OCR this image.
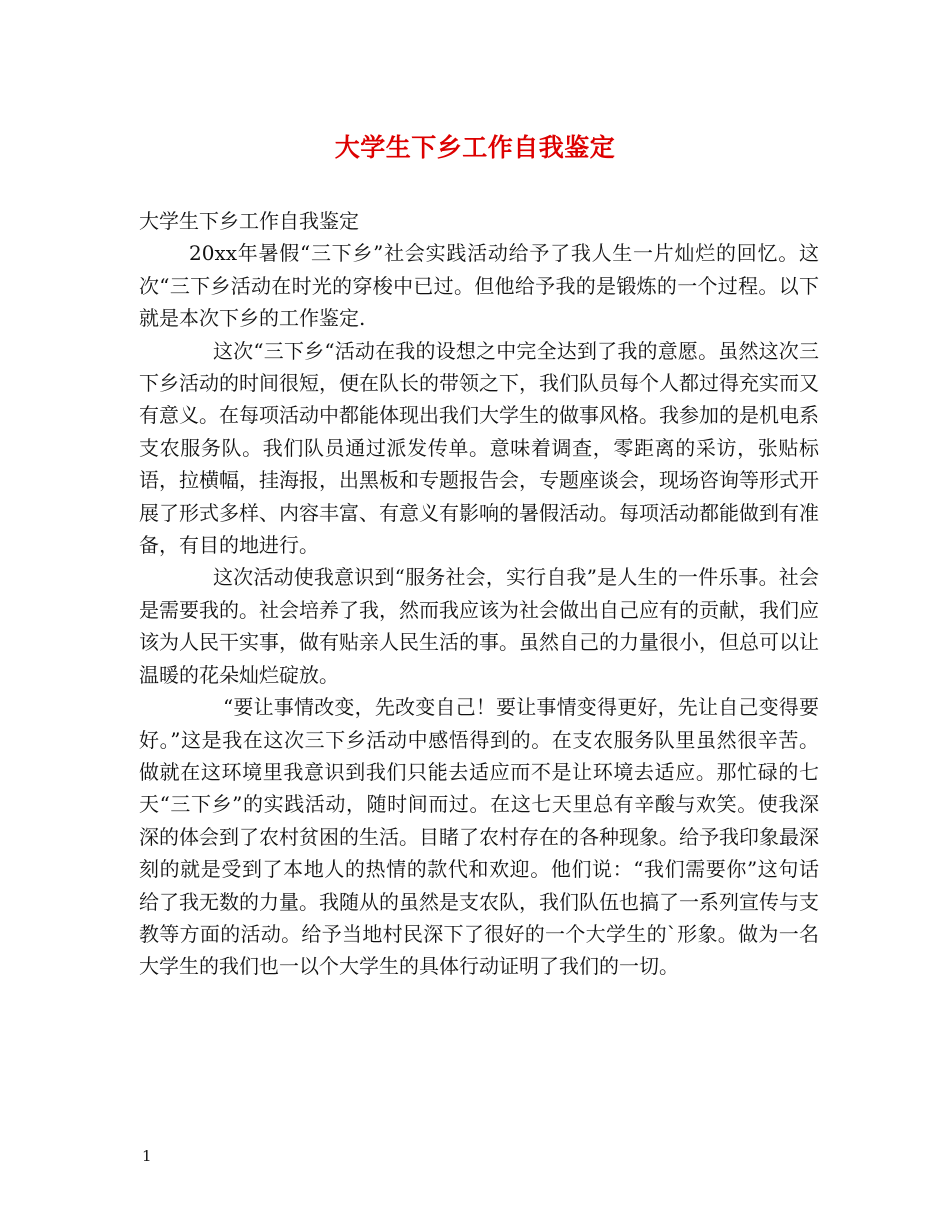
大学生下乡工作自我鉴定

大学生下乡工作自我鉴定

20xx年暑假“三下乡”社会实践活动给予了我人生一片灿烂的回忆。这次“三下乡活动在时光的穿梭中已过。但他给予我的是锻炼的一个过程。以下就是本次下乡的工作鉴定.

这次“三下乡“活动在我的设想之中完全达到了我的意愿。虽然这次三下乡活动的时间很短，便在队长的带领之下，我们队员每个人都过得充实而又有意义。在每项活动中都能体现出我们大学生的做事风格。我参加的是机电系支农服务队。我们队员通过派发传单。意味着调查，零距离的采访，张贴标语，拉横幅，挂海报，出黑板和专题报告会，专题座谈会，现场咨询等形式开展了形式多样、内容丰富、有意义有影响的暑假活动。每项活动都能做到有准备，有目的地进行。

这次活动使我意识到“服务社会，实行自我”是人生的一件乐事。社会是需要我的。社会培养了我，然而我应该为社会做出自己应有的贡献，我们应该为人民干实事，做有贴亲人民生活的事。虽然自己的力量很小，但总可以让温暖的花朵灿烂碇放。

“要让事情改变，先改变自己！要让事情变得更好，先让自己变得要好。”这是我在这次三下乡活动中感悟得到的。在支农服务队里虽然很辛苦。做就在这环境里我意识到我们只能去适应而不是让环境去适应。那忙碌的七天“三下乡”的实践活动，随时间而过。在这七天里总有辛酸与欢笑。使我深深的体会到了农村贫困的生活。目睹了农村存在的各种现象。给予我印象最深刻的就是受到了本地人的热情的款代和欢迎。他们说：“我们需要你”这句话给了我无数的力量。我随从的虽然是支农队，我们队伍也搞了一系列宣传与支教等方面的活动。给予当地村民深下了很好的一个大学生的`形象。做为一名大学生的我们也一以个大学生的具体行动证明了我们的一切。

1
